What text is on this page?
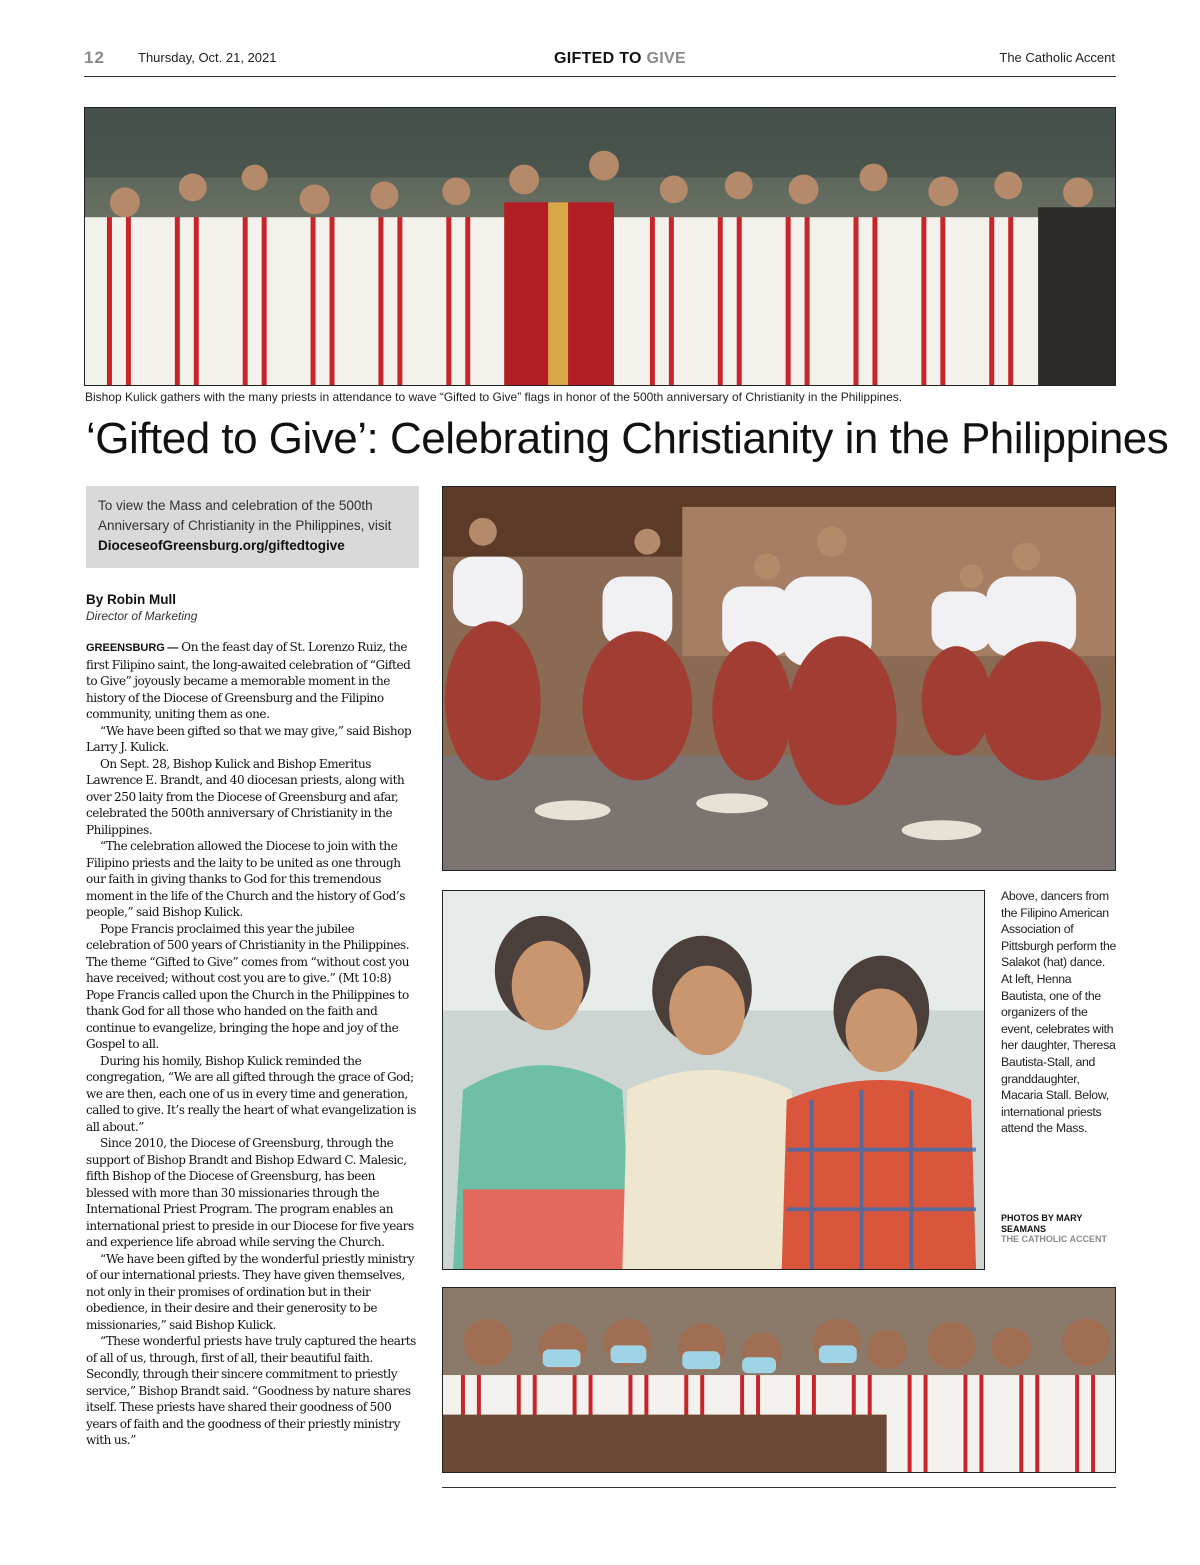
12	Thursday, Oct. 21, 2021	GIFTED TO GIVE	The Catholic Accent
Bishop Kulick gathers with the many priests in attendance to wave “Gifted to Give” flags in honor of the 500th anniversary of Christianity in the Philippines.
‘Gifted to Give’: Celebrating Christianity in the Philippines
To view the Mass and celebration of the 500th Anniversary of Christianity in the Philippines, visit
DioceseofGreensburg.org/giftedtogive
By Robin Mull
Director of Marketing

GREENSBURG — On the feast day of St. Lorenzo Ruiz, the first Filipino saint, the long-awaited celebration of “Gifted to Give” joyously became a memorable moment in the history of the Diocese of Greensburg and the Filipino community, uniting them as one.

“We have been gifted so that we may give,” said Bishop Larry J. Kulick.

On Sept. 28, Bishop Kulick and Bishop Emeritus Lawrence E. Brandt, and 40 diocesan priests, along with over 250 laity from the Diocese of Greensburg and afar, celebrated the 500th anniversary of Christianity in the Philippines.

“The celebration allowed the Diocese to join with the Filipino priests and the laity to be united as one through our faith in giving thanks to God for this tremendous moment in the life of the Church and the history of God’s people,” said Bishop Kulick.

Pope Francis proclaimed this year the jubilee celebration of 500 years of Christianity in the Philippines. The theme “Gifted to Give” comes from “without cost you have received; without cost you are to give.” (Mt 10:8) Pope Francis called upon the Church in the Philippines to thank God for all those who handed on the faith and continue to evangelize, bringing the hope and joy of the Gospel to all.

During his homily, Bishop Kulick reminded the congregation, “We are all gifted through the grace of God; we are then, each one of us in every time and generation, called to give. It’s really the heart of what evangelization is all about.”

Since 2010, the Diocese of Greensburg, through the support of Bishop Brandt and Bishop Edward C. Malesic, fifth Bishop of the Diocese of Greensburg, has been blessed with more than 30 missionaries through the International Priest Program. The program enables an international priest to preside in our Diocese for five years and experience life abroad while serving the Church.

“We have been gifted by the wonderful priestly ministry of our international priests. They have given themselves, not only in their promises of ordination but in their obedience, in their desire and their generosity to be missionaries,” said Bishop Kulick.

“These wonderful priests have truly captured the hearts of all of us, through, first of all, their beautiful faith. Secondly, through their sincere commitment to priestly service,” Bishop Brandt said. “Goodness by nature shares itself. These priests have shared their goodness of 500 years of faith and the goodness of their priestly ministry with us.”

Above, dancers from the Filipino American Association of Pittsburgh perform the Salakot (hat) dance. At left, Henna Bautista, one of the organizers of the event, celebrates with her daughter, Theresa Bautista-Stall, and granddaughter, Macaria Stall. Below, international priests attend the Mass.
PHOTOS BY MARY SEAMANS
THE CATHOLIC ACCENT
